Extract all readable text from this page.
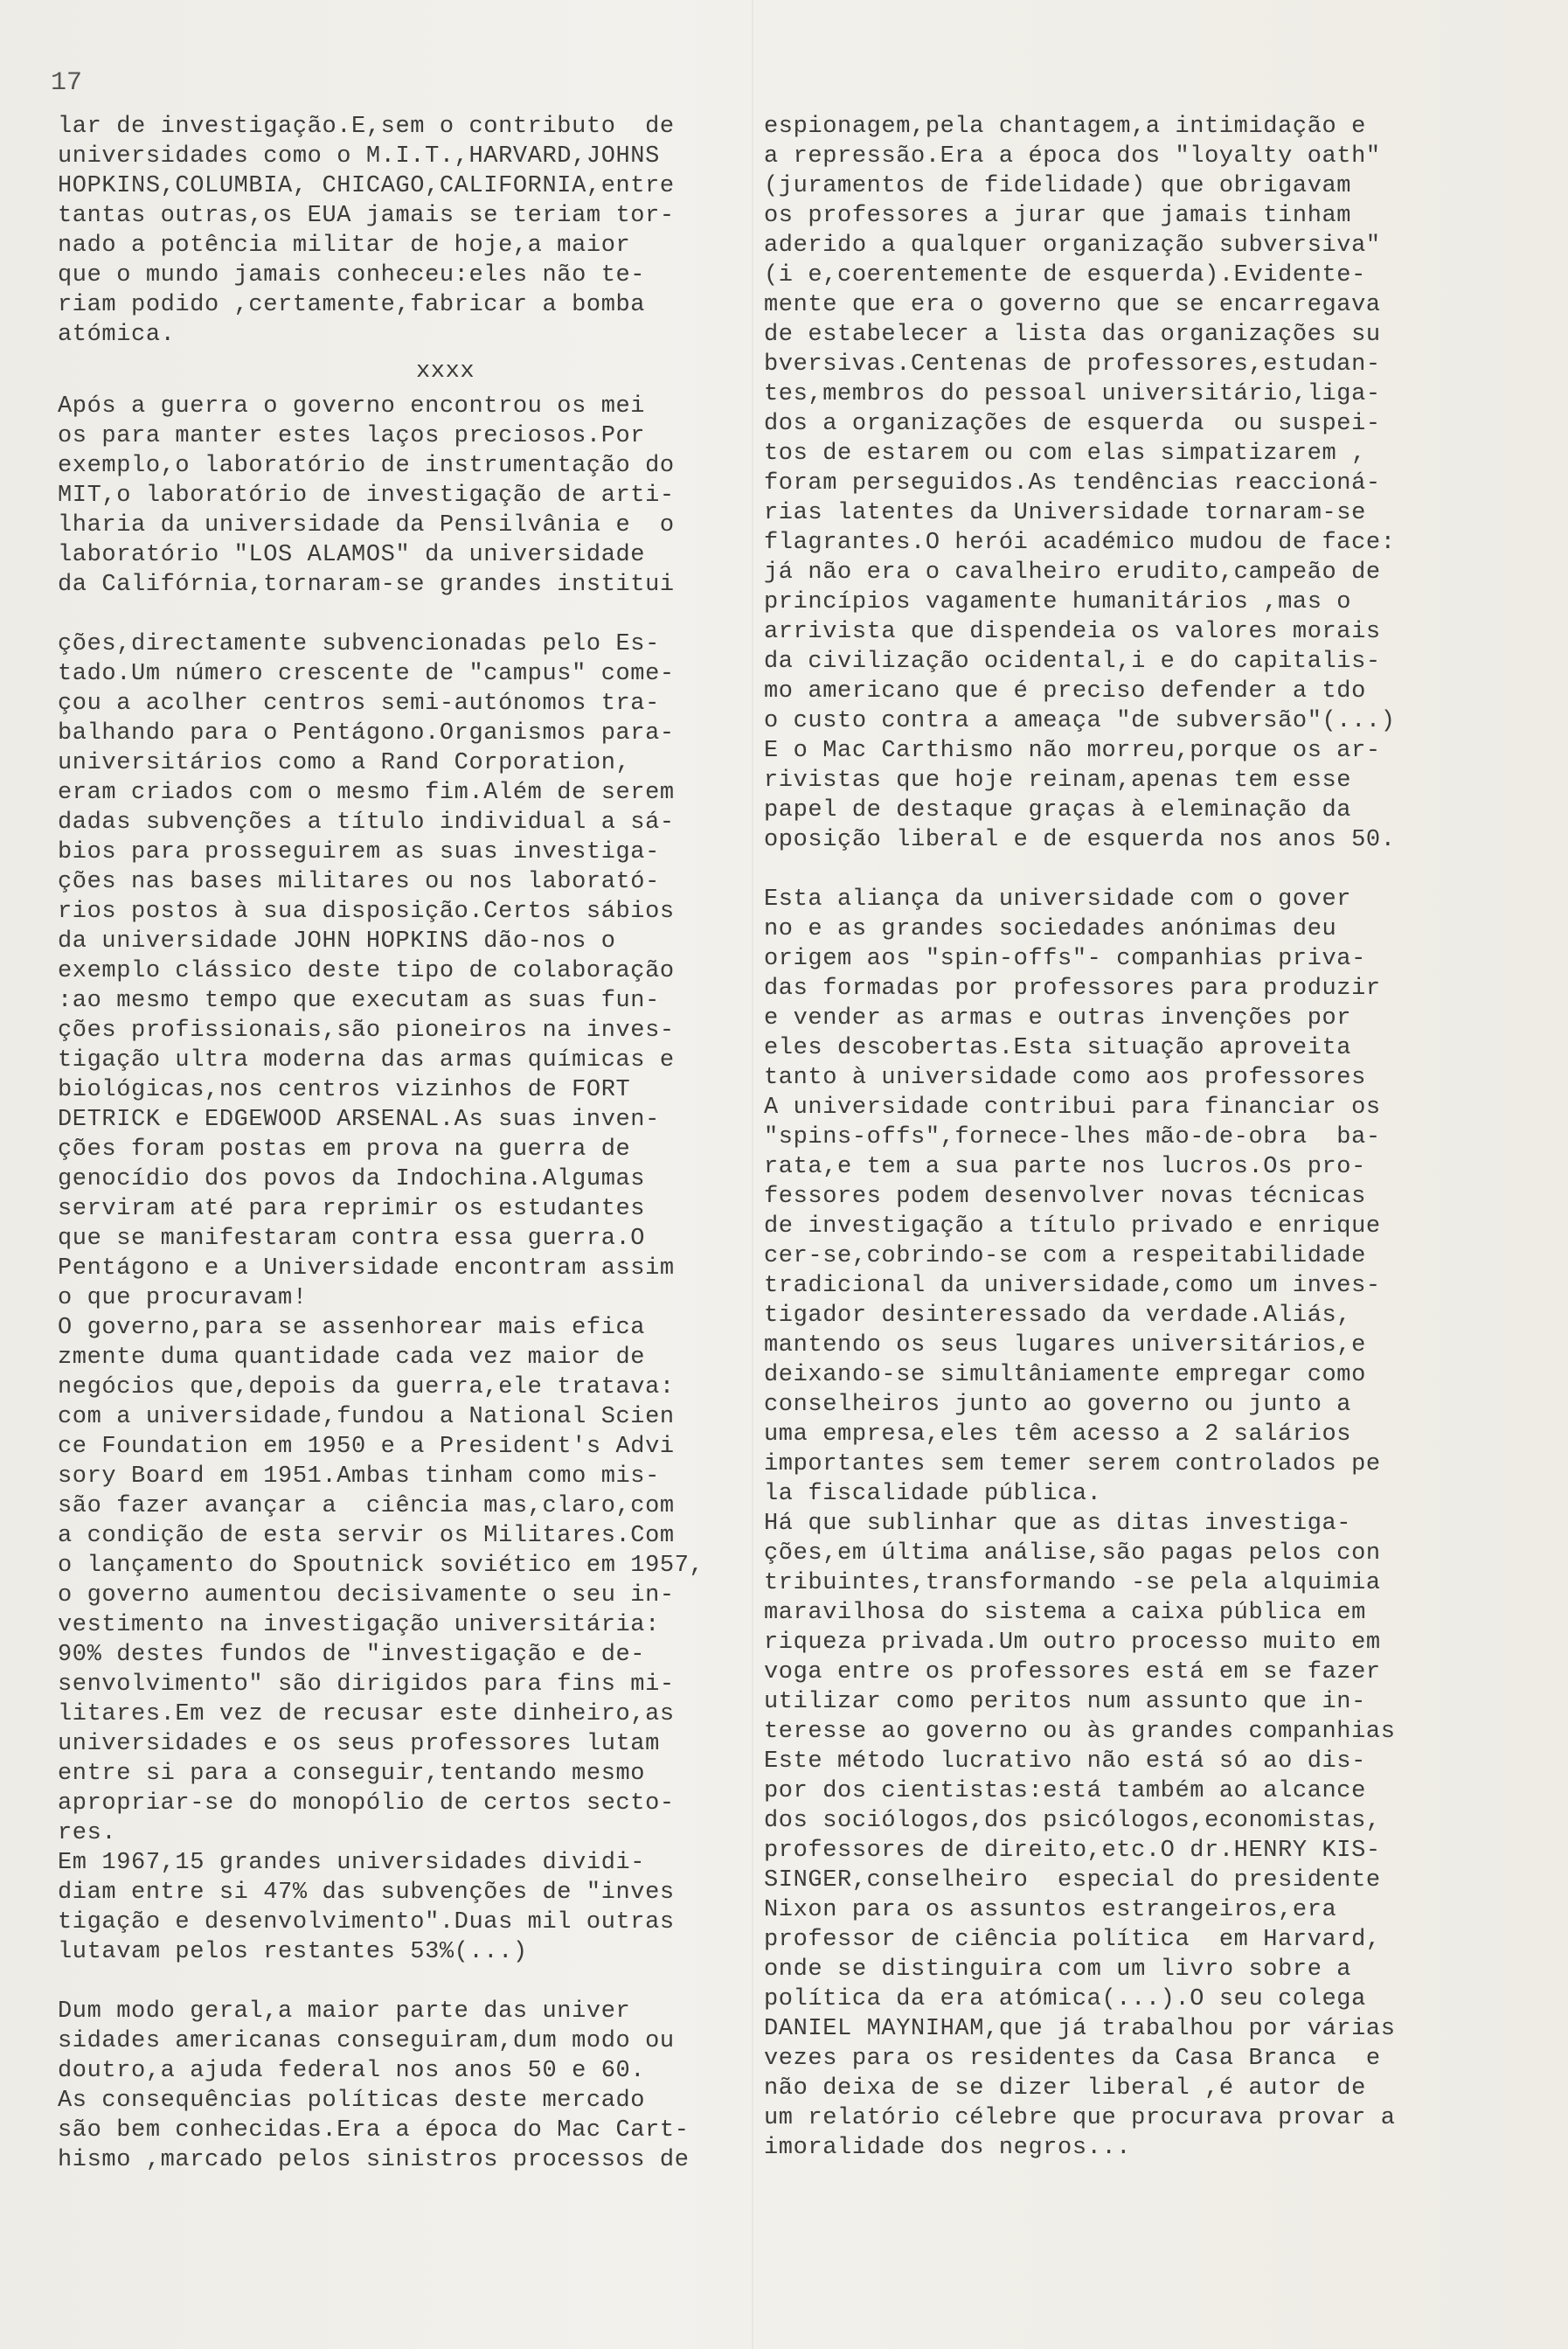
17
lar de investigação.E,sem o contributo  de
universidades como o M.I.T.,HARVARD,JOHNS
HOPKINS,COLUMBIA, CHICAGO,CALIFORNIA,entre
tantas outras,os EUA jamais se teriam tor-
nado a potência militar de hoje,a maior
que o mundo jamais conheceu:eles não te-
riam podido ,certamente,fabricar a bomba
atómica.
xxxx
Após a guerra o governo encontrou os mei
os para manter estes laços preciosos.Por
exemplo,o laboratório de instrumentação do
MIT,o laboratório de investigação de arti-
lharia da universidade da Pensilvânia e  o
laboratório "LOS ALAMOS" da universidade
da Califórnia,tornaram-se grandes institui
ções,directamente subvencionadas pelo Es-
tado.Um número crescente de "campus" come-
çou a acolher centros semi-autónomos tra-
balhando para o Pentágono.Organismos para-
universitários como a Rand Corporation,
eram criados com o mesmo fim.Além de serem
dadas subvenções a título individual a sá-
bios para prosseguirem as suas investiga-
ções nas bases militares ou nos laborató-
rios postos à sua disposição.Certos sábios
da universidade JOHN HOPKINS dão-nos o
exemplo clássico deste tipo de colaboração
:ao mesmo tempo que executam as suas fun-
ções profissionais,são pioneiros na inves-
tigação ultra moderna das armas químicas e
biológicas,nos centros vizinhos de FORT
DETRICK e EDGEWOOD ARSENAL.As suas inven-
ções foram postas em prova na guerra de
genocídio dos povos da Indochina.Algumas
serviram até para reprimir os estudantes
que se manifestaram contra essa guerra.O
Pentágono e a Universidade encontram assim
o que procuravam!
O governo,para se assenhorear mais efica
zmente duma quantidade cada vez maior de
negócios que,depois da guerra,ele tratava:
com a universidade,fundou a National Scien
ce Foundation em 1950 e a President's Advi
sory Board em 1951.Ambas tinham como mis-
são fazer avançar a  ciência mas,claro,com
a condição de esta servir os Militares.Com
o lançamento do Spoutnick soviético em 1957,
o governo aumentou decisivamente o seu in-
vestimento na investigação universitária:
90% destes fundos de "investigação e de-
senvolvimento" são dirigidos para fins mi-
litares.Em vez de recusar este dinheiro,as
universidades e os seus professores lutam
entre si para a conseguir,tentando mesmo
apropriar-se do monopólio de certos secto-
res.
Em 1967,15 grandes universidades dividi-
diam entre si 47% das subvenções de "inves
tigação e desenvolvimento".Duas mil outras
lutavam pelos restantes 53%(...)
Dum modo geral,a maior parte das univer
sidades americanas conseguiram,dum modo ou
doutro,a ajuda federal nos anos 50 e 60.
As consequências políticas deste mercado
são bem conhecidas.Era a época do Mac Cart-
hismo ,marcado pelos sinistros processos de
espionagem,pela chantagem,a intimidação e
a repressão.Era a época dos "loyalty oath"
(juramentos de fidelidade) que obrigavam
os professores a jurar que jamais tinham
aderido a qualquer organização subversiva"
(i e,coerentemente de esquerda).Evidente-
mente que era o governo que se encarregava
de estabelecer a lista das organizações su
bversivas.Centenas de professores,estudan-
tes,membros do pessoal universitário,liga-
dos a organizações de esquerda  ou suspei-
tos de estarem ou com elas simpatizarem ,
foram perseguidos.As tendências reaccioná-
rias latentes da Universidade tornaram-se
flagrantes.O herói académico mudou de face:
já não era o cavalheiro erudito,campeão de
princípios vagamente humanitários ,mas o
arrivista que dispendeia os valores morais
da civilização ocidental,i e do capitalis-
mo americano que é preciso defender a tdo
o custo contra a ameaça "de subversão"(...)
E o Mac Carthismo não morreu,porque os ar-
rivistas que hoje reinam,apenas tem esse
papel de destaque graças à eleminação da
oposição liberal e de esquerda nos anos 50.
Esta aliança da universidade com o gover
no e as grandes sociedades anónimas deu
origem aos "spin-offs"- companhias priva-
das formadas por professores para produzir
e vender as armas e outras invenções por
eles descobertas.Esta situação aproveita
tanto à universidade como aos professores
A universidade contribui para financiar os
"spins-offs",fornece-lhes mão-de-obra  ba-
rata,e tem a sua parte nos lucros.Os pro-
fessores podem desenvolver novas técnicas
de investigação a título privado e enrique
cer-se,cobrindo-se com a respeitabilidade
tradicional da universidade,como um inves-
tigador desinteressado da verdade.Aliás,
mantendo os seus lugares universitários,e
deixando-se simultâniamente empregar como
conselheiros junto ao governo ou junto a
uma empresa,eles têm acesso a 2 salários
importantes sem temer serem controlados pe
la fiscalidade pública.
Há que sublinhar que as ditas investiga-
ções,em última análise,são pagas pelos con
tribuintes,transformando -se pela alquimia
maravilhosa do sistema a caixa pública em
riqueza privada.Um outro processo muito em
voga entre os professores está em se fazer
utilizar como peritos num assunto que in-
teresse ao governo ou às grandes companhias
Este método lucrativo não está só ao dis-
por dos cientistas:está também ao alcance
dos sociólogos,dos psicólogos,economistas,
professores de direito,etc.O dr.HENRY KIS-
SINGER,conselheiro  especial do presidente
Nixon para os assuntos estrangeiros,era
professor de ciência política  em Harvard,
onde se distinguira com um livro sobre a
política da era atómica(...).O seu colega
DANIEL MAYNIHAM,que já trabalhou por várias
vezes para os residentes da Casa Branca  e
não deixa de se dizer liberal ,é autor de
um relatório célebre que procurava provar a
imoralidade dos negros...
